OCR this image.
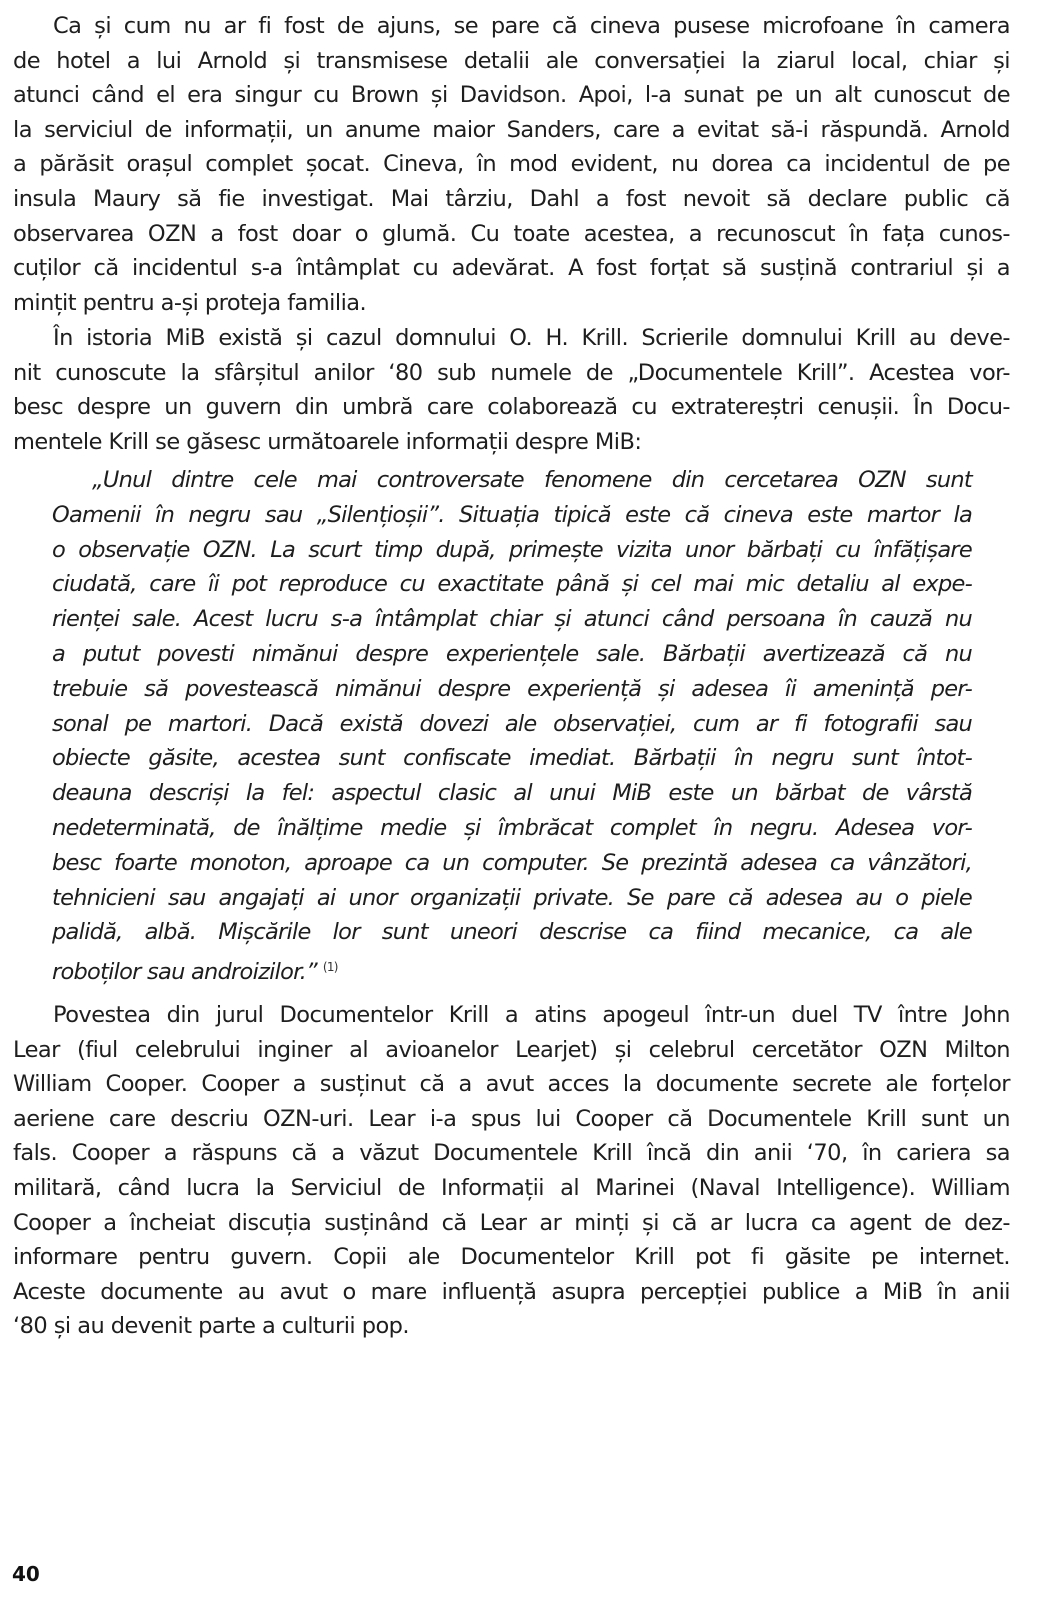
Ca și cum nu ar fi fost de ajuns, se pare că cineva pusese microfoane în camera
de hotel a lui Arnold și transmisese detalii ale conversației la ziarul local, chiar și
atunci când el era singur cu Brown și Davidson. Apoi, l-a sunat pe un alt cunoscut de
la serviciul de informații, un anume maior Sanders, care a evitat să-i răspundă. Arnold
a părăsit orașul complet șocat. Cineva, în mod evident, nu dorea ca incidentul de pe
insula Maury să fie investigat. Mai târziu, Dahl a fost nevoit să declare public că
observarea OZN a fost doar o glumă. Cu toate acestea, a recunoscut în fața cunos-
cuților că incidentul s-a întâmplat cu adevărat. A fost forțat să susțină contrariul și a
mințit pentru a-și proteja familia.
În istoria MiB există și cazul domnului O. H. Krill. Scrierile domnului Krill au deve-
nit cunoscute la sfârșitul anilor ‘80 sub numele de „Documentele Krill”. Acestea vor-
besc despre un guvern din umbră care colaborează cu extratereștri cenușii. În Docu-
mentele Krill se găsesc următoarele informații despre MiB:
„Unul dintre cele mai controversate fenomene din cercetarea OZN sunt
Oamenii în negru sau „Silențioșii”. Situația tipică este că cineva este martor la
o observație OZN. La scurt timp după, primește vizita unor bărbați cu înfățișare
ciudată, care îi pot reproduce cu exactitate până și cel mai mic detaliu al expe-
rienței sale. Acest lucru s-a întâmplat chiar și atunci când persoana în cauză nu
a putut povesti nimănui despre experiențele sale. Bărbații avertizează că nu
trebuie să povestească nimănui despre experiență și adesea îi amenință per-
sonal pe martori. Dacă există dovezi ale observației, cum ar fi fotografii sau
obiecte găsite, acestea sunt confiscate imediat. Bărbații în negru sunt întot-
deauna descriși la fel: aspectul clasic al unui MiB este un bărbat de vârstă
nedeterminată, de înălțime medie și îmbrăcat complet în negru. Adesea vor-
besc foarte monoton, aproape ca un computer. Se prezintă adesea ca vânzători,
tehnicieni sau angajați ai unor organizații private. Se pare că adesea au o piele
palidă, albă. Mișcările lor sunt uneori descrise ca fiind mecanice, ca ale
roboților sau androizilor.” $^{(1)}$
Povestea din jurul Documentelor Krill a atins apogeul într-un duel TV între John
Lear (fiul celebrului inginer al avioanelor Learjet) și celebrul cercetător OZN Milton
William Cooper. Cooper a susținut că a avut acces la documente secrete ale forțelor
aeriene care descriu OZN-uri. Lear i-a spus lui Cooper că Documentele Krill sunt un
fals. Cooper a răspuns că a văzut Documentele Krill încă din anii ‘70, în cariera sa
militară, când lucra la Serviciul de Informații al Marinei (Naval Intelligence). William
Cooper a încheiat discuția susținând că Lear ar minți și că ar lucra ca agent de dez-
informare pentru guvern. Copii ale Documentelor Krill pot fi găsite pe internet.
Aceste documente au avut o mare influență asupra percepției publice a MiB în anii
‘80 și au devenit parte a culturii pop.
40
